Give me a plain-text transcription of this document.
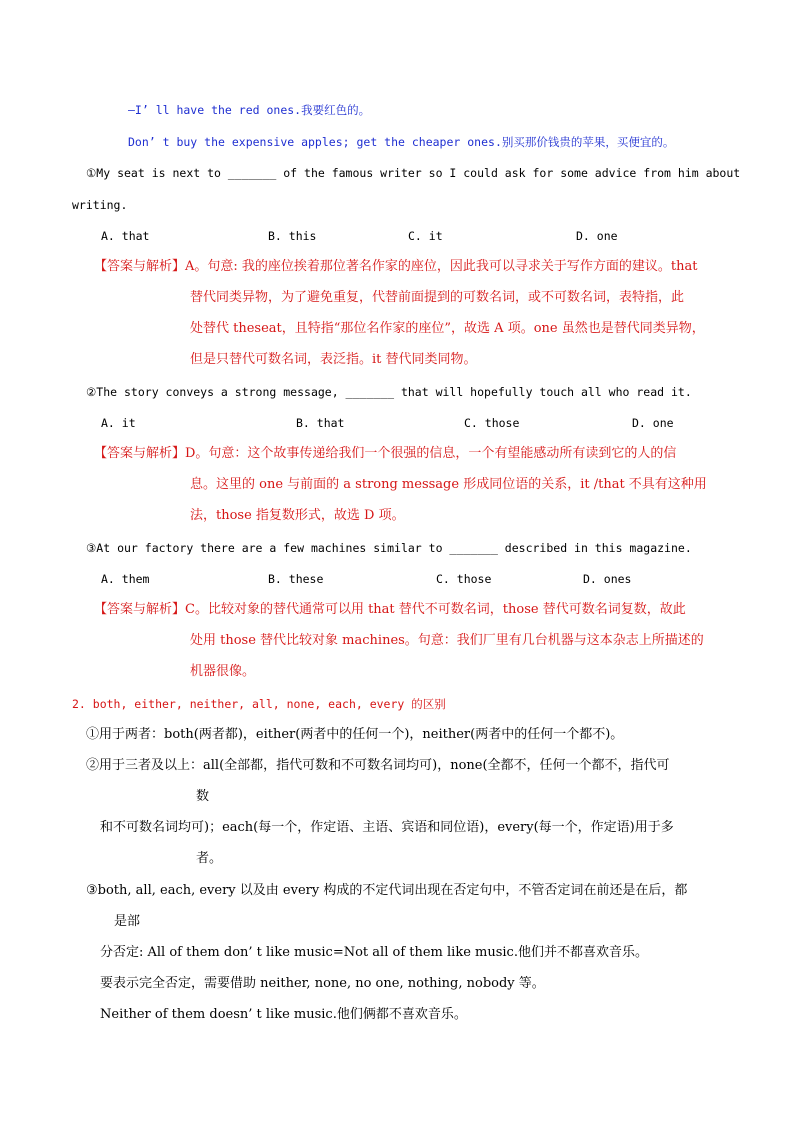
—I’ ll have the red ones.我要红色的。
Don’ t buy the expensive apples; get the cheaper ones.别买那价钱贵的苹果，买便宜的。
①My seat is next to _______ of the famous writer so I could ask for some advice from him about
writing.
A. that	B. this	C. it	D. one
【答案与解析】A。句意: 我的座位挨着那位著名作家的座位，因此我可以寻求关于写作方面的建议。that
替代同类异物，为了避免重复，代替前面提到的可数名词，或不可数名词，表特指，此
处替代 theseat，且特指“那位名作家的座位”，故选 A 项。one 虽然也是替代同类异物，
但是只替代可数名词，表泛指。it 替代同类同物。
②The story conveys a strong message, _______ that will hopefully touch all who read it.
A. it	B. that	C. those	D. one
【答案与解析】D。句意：这个故事传递给我们一个很强的信息，一个有望能感动所有读到它的人的信
息。这里的 one 与前面的 a strong message 形成同位语的关系，it /that 不具有这种用
法，those 指复数形式，故选 D 项。
③At our factory there are a few machines similar to _______ described in this magazine.
A. them	B. these	C. those	D. ones
【答案与解析】C。比较对象的替代通常可以用 that 替代不可数名词，those 替代可数名词复数，故此
处用 those 替代比较对象 machines。句意：我们厂里有几台机器与这本杂志上所描述的
机器很像。
2. both, either, neither, all, none, each, every 的区别
①用于两者：both(两者都)，either(两者中的任何一个)，neither(两者中的任何一个都不)。
②用于三者及以上：all(全部都，指代可数和不可数名词均可)，none(全都不，任何一个都不，指代可
数
和不可数名词均可)；each(每一个，作定语、主语、宾语和同位语)，every(每一个，作定语)用于多
者。
③both, all, each, every 以及由 every 构成的不定代词出现在否定句中，不管否定词在前还是在后，都
是部
分否定: All of them don’ t like music=Not all of them like music.他们并不都喜欢音乐。
要表示完全否定，需要借助 neither, none, no one, nothing, nobody 等。
Neither of them doesn’ t like music.他们俩都不喜欢音乐。
